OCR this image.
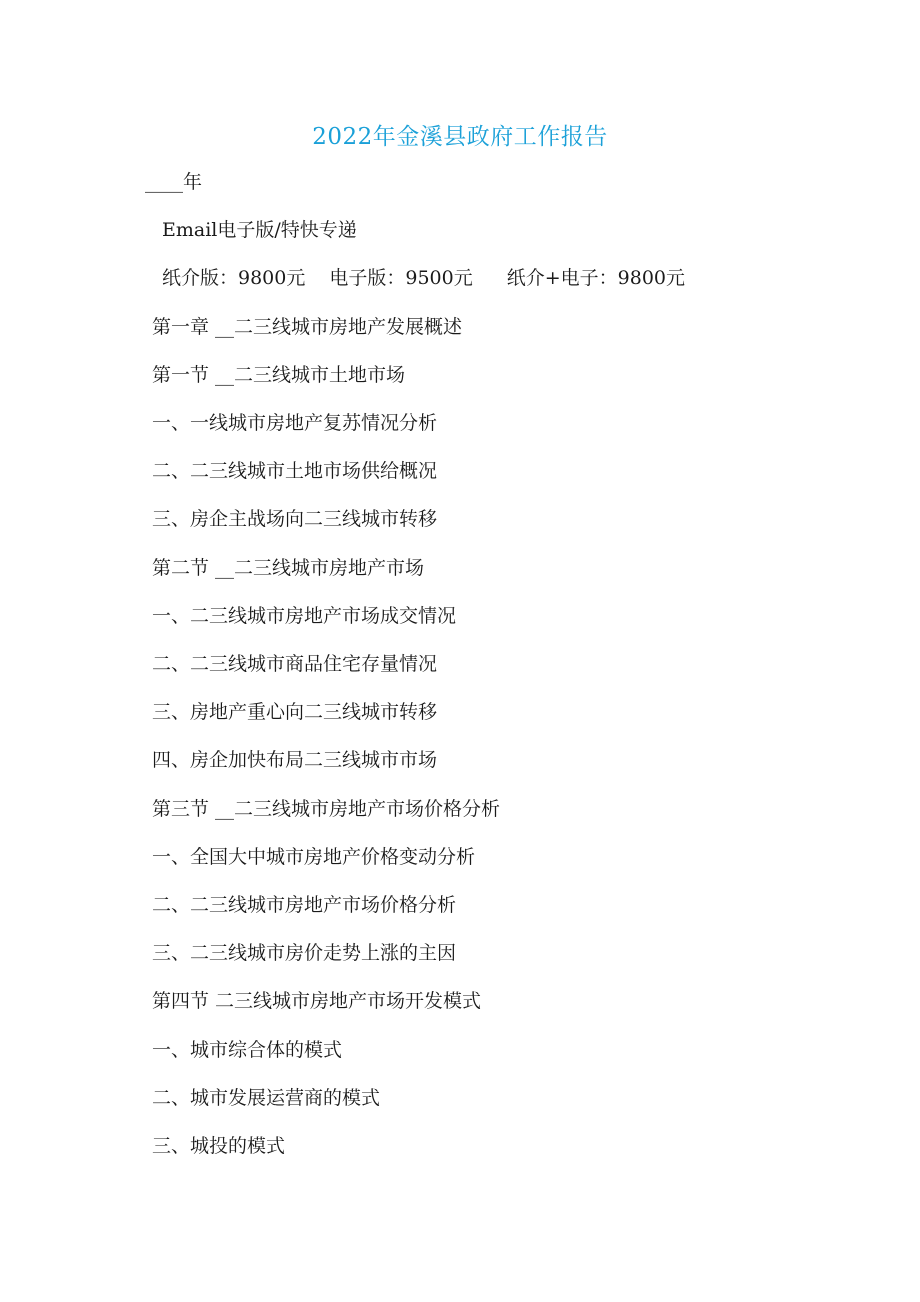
2022年金溪县政府工作报告
____年
Email电子版/特快专递
纸介版：9800元 电子版：9500元 纸介+电子：9800元
第一章 __二三线城市房地产发展概述
第一节 __二三线城市土地市场
一、一线城市房地产复苏情况分析
二、二三线城市土地市场供给概况
三、房企主战场向二三线城市转移
第二节 __二三线城市房地产市场
一、二三线城市房地产市场成交情况
二、二三线城市商品住宅存量情况
三、房地产重心向二三线城市转移
四、房企加快布局二三线城市市场
第三节 __二三线城市房地产市场价格分析
一、全国大中城市房地产价格变动分析
二、二三线城市房地产市场价格分析
三、二三线城市房价走势上涨的主因
第四节 二三线城市房地产市场开发模式
一、城市综合体的模式
二、城市发展运营商的模式
三、城投的模式
